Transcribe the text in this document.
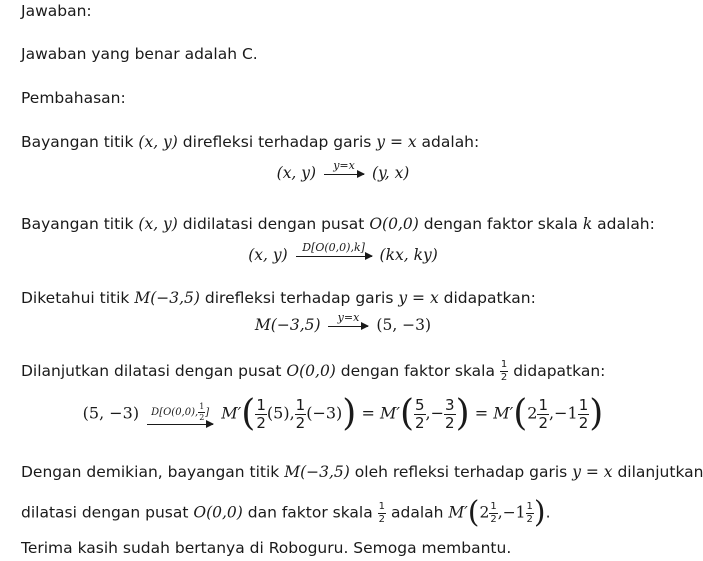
Jawaban:
Jawaban yang benar adalah C.
Pembahasan:
Bayangan titik (x, y) direfleksi terhadap garis y = x adalah:
(x, y)	y=x	(y, x)
Bayangan titik (x, y) didilatasi dengan pusat O(0,0) dengan faktor skala k adalah:
(x, y)	D[O(0,0),k] (kx, ky)
Diketahui titik M(−3,5) direfleksi terhadap garis y = x didapatkan:
M(−3,5)	y=x	(5, −3)
Dilanjutkan dilatasi dengan pusat O(0,0) dengan faktor skala $\frac{1}{2}$ didapatkan:
(5, −3)	D[O(0,0), $\frac{1}{2}$ ] $M'( \frac{1}{2} (5)$, $\frac{1}{2} (-3)) = M'( \frac{5}{2}$ ,− $\frac{3}{2}$ ) = $M'(2 \frac{1}{2} ,-1 \frac{1}{2}$ )
Dengan demikian, bayangan titik M(−3,5) oleh refleksi terhadap garis y = x dilanjutkan
dilatasi dengan pusat O(0,0) dan faktor skala $\frac{1}{2}$ adalah $M'(2 \frac{1}{2} ,-1 \frac{1}{2}$ ).
Terima kasih sudah bertanya di Roboguru. Semoga membantu.
